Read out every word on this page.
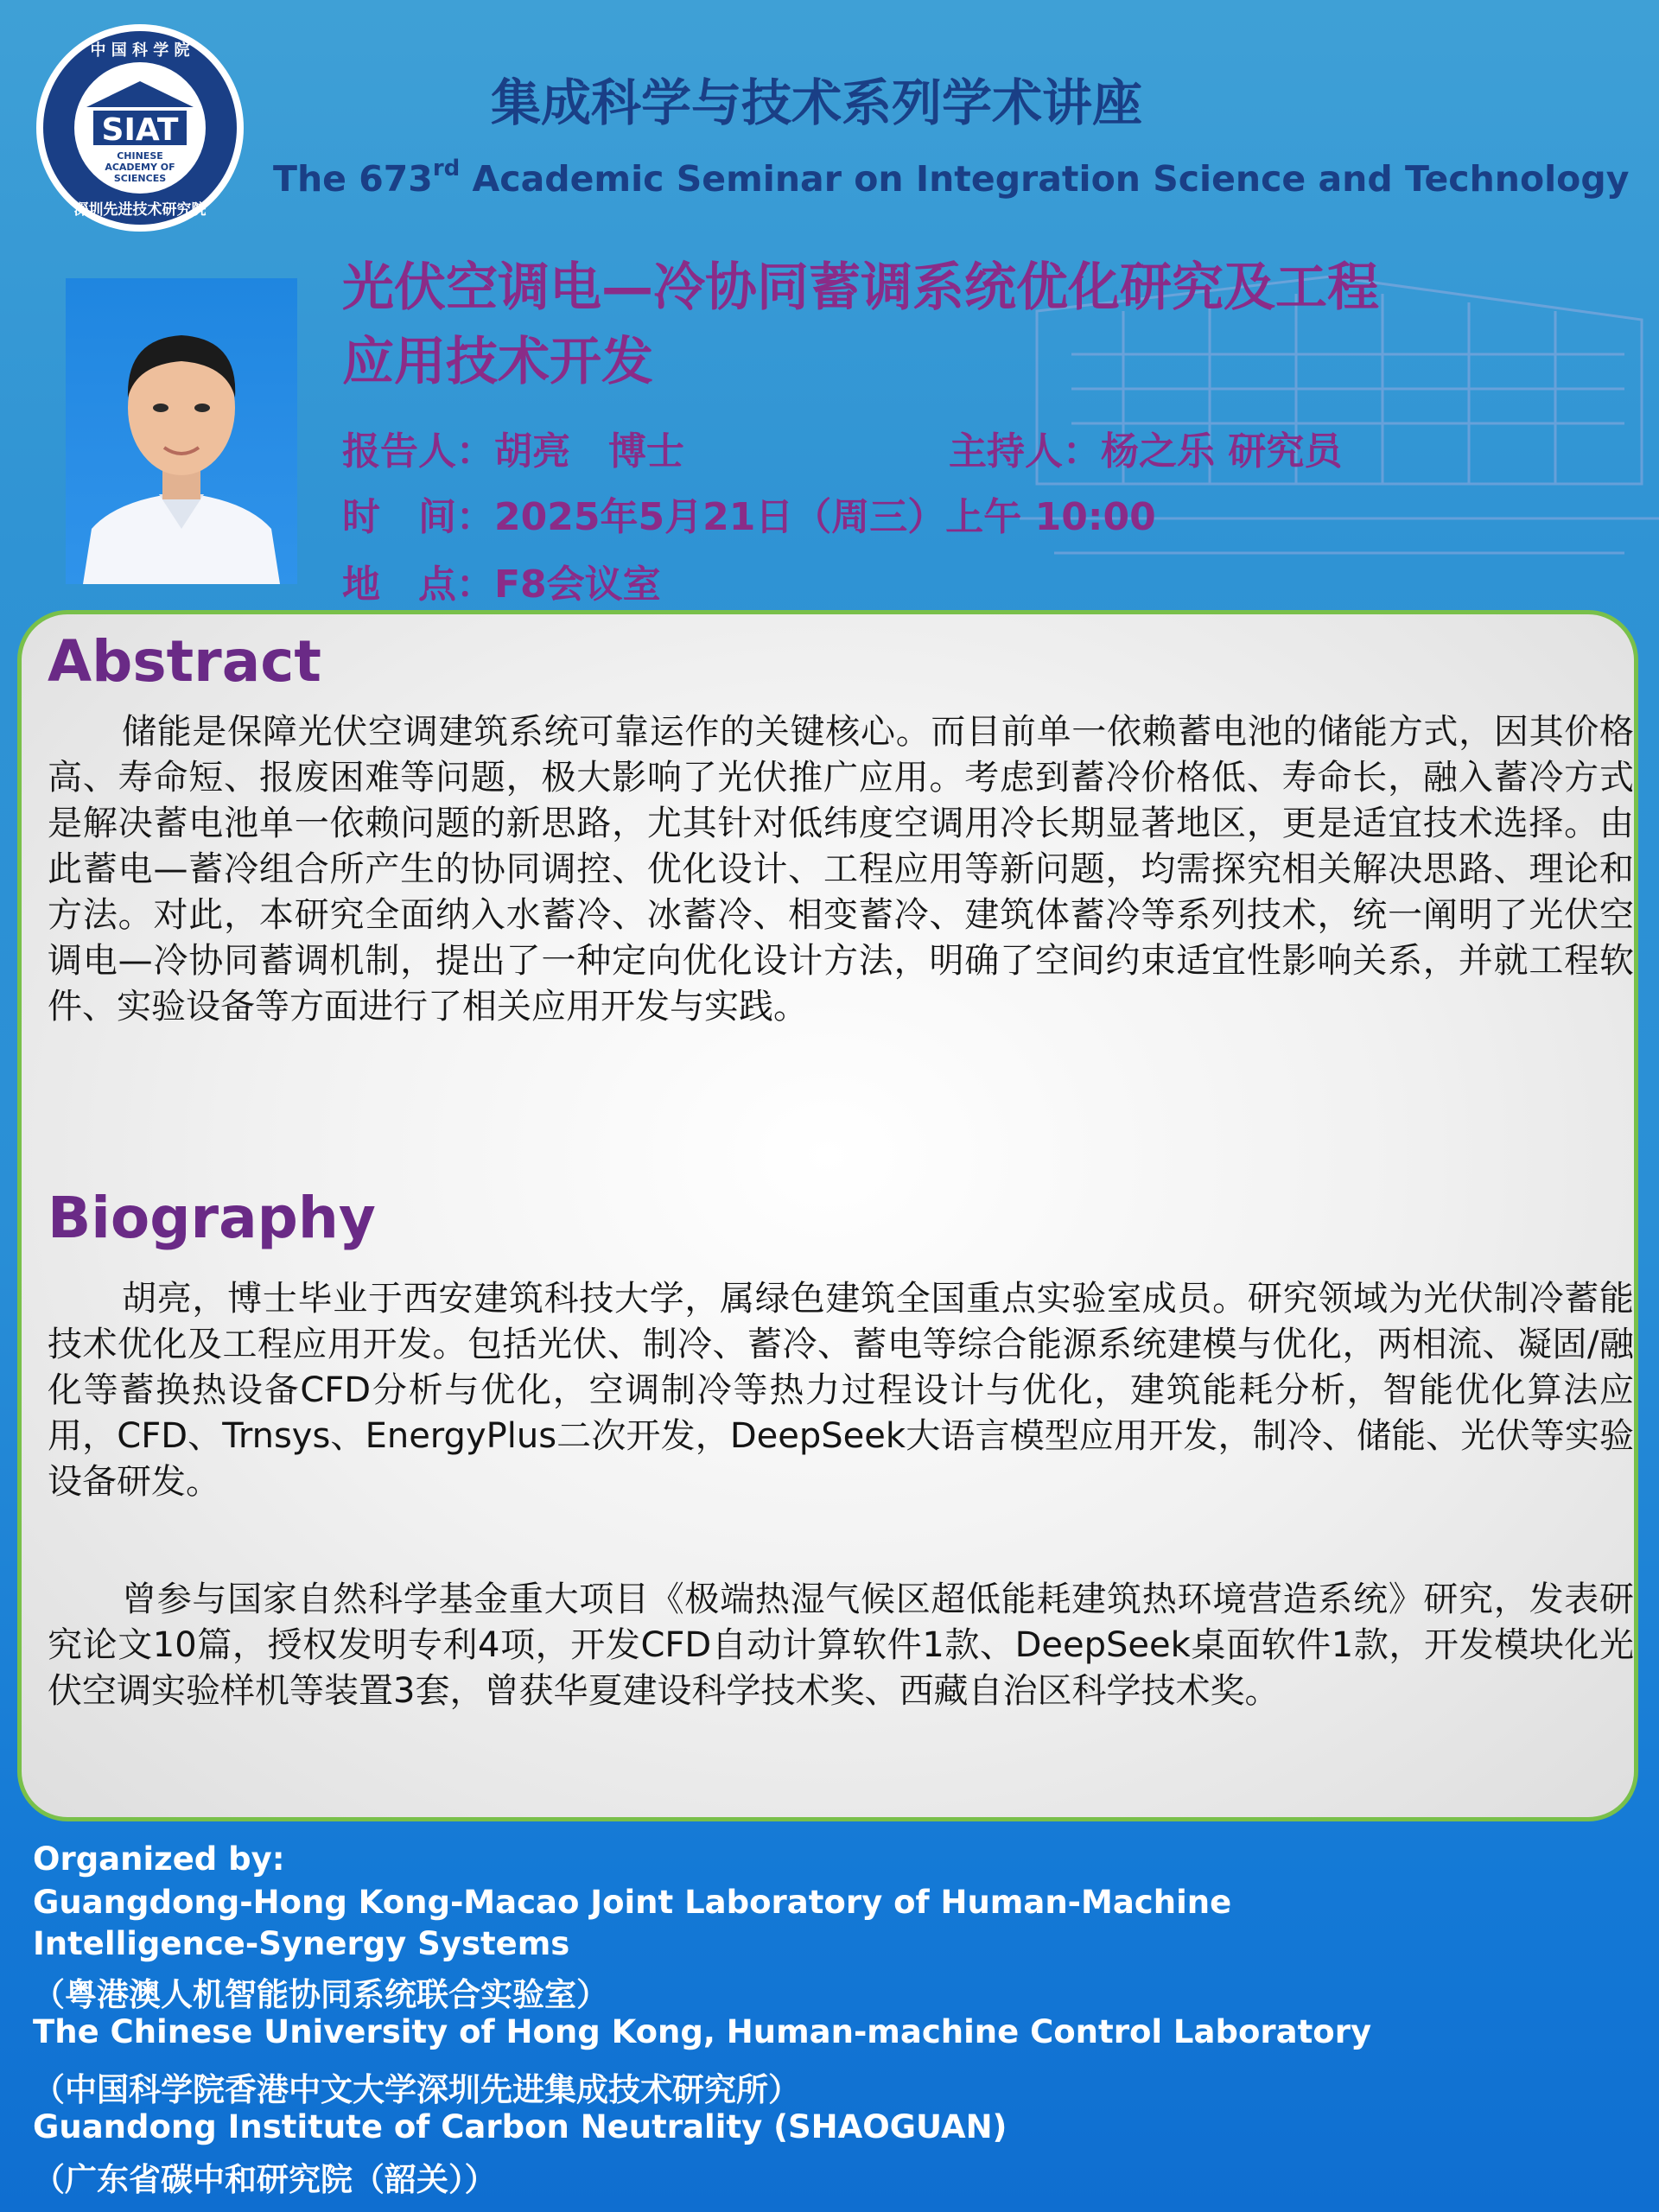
中 国 科 学 院
深圳先进技术研究院
SIAT
CHINESE
ACADEMY OF
SCIENCES
集成科学与技术系列学术讲座
The 673rd Academic Seminar on Integration Science and Technology
光伏空调电—冷协同蓄调系统优化研究及工程
应用技术开发
报告人：胡亮　博士	主持人：杨之乐 研究员
时　间：2025年5月21日（周三）上午 10:00
地　点：F8会议室
Abstract
储能是保障光伏空调建筑系统可靠运作的关键核心。而目前单一依赖蓄电池的储能方式，因其价格高、寿命短、报废困难等问题，极大影响了光伏推广应用。考虑到蓄冷价格低、寿命长，融入蓄冷方式是解决蓄电池单一依赖问题的新思路，尤其针对低纬度空调用冷长期显著地区，更是适宜技术选择。由此蓄电—蓄冷组合所产生的协同调控、优化设计、工程应用等新问题，均需探究相关解决思路、理论和方法。对此，本研究全面纳入水蓄冷、冰蓄冷、相变蓄冷、建筑体蓄冷等系列技术，统一阐明了光伏空调电—冷协同蓄调机制，提出了一种定向优化设计方法，明确了空间约束适宜性影响关系，并就工程软件、实验设备等方面进行了相关应用开发与实践。
Biography
胡亮，博士毕业于西安建筑科技大学，属绿色建筑全国重点实验室成员。研究领域为光伏制冷蓄能技术优化及工程应用开发。包括光伏、制冷、蓄冷、蓄电等综合能源系统建模与优化，两相流、凝固/融化等蓄换热设备CFD分析与优化，空调制冷等热力过程设计与优化，建筑能耗分析，智能优化算法应用，CFD、Trnsys、EnergyPlus二次开发，DeepSeek大语言模型应用开发，制冷、储能、光伏等实验设备研发。
曾参与国家自然科学基金重大项目《极端热湿气候区超低能耗建筑热环境营造系统》研究，发表研究论文10篇，授权发明专利4项，开发CFD自动计算软件1款、DeepSeek桌面软件1款，开发模块化光伏空调实验样机等装置3套，曾获华夏建设科学技术奖、西藏自治区科学技术奖。
Organized by:
Guangdong-Hong Kong-Macao Joint Laboratory of Human-Machine
Intelligence-Synergy Systems
（粤港澳人机智能协同系统联合实验室）
The Chinese University of Hong Kong, Human-machine Control Laboratory
（中国科学院香港中文大学深圳先进集成技术研究所）
Guandong Institute of Carbon Neutrality (SHAOGUAN)
（广东省碳中和研究院（韶关））
